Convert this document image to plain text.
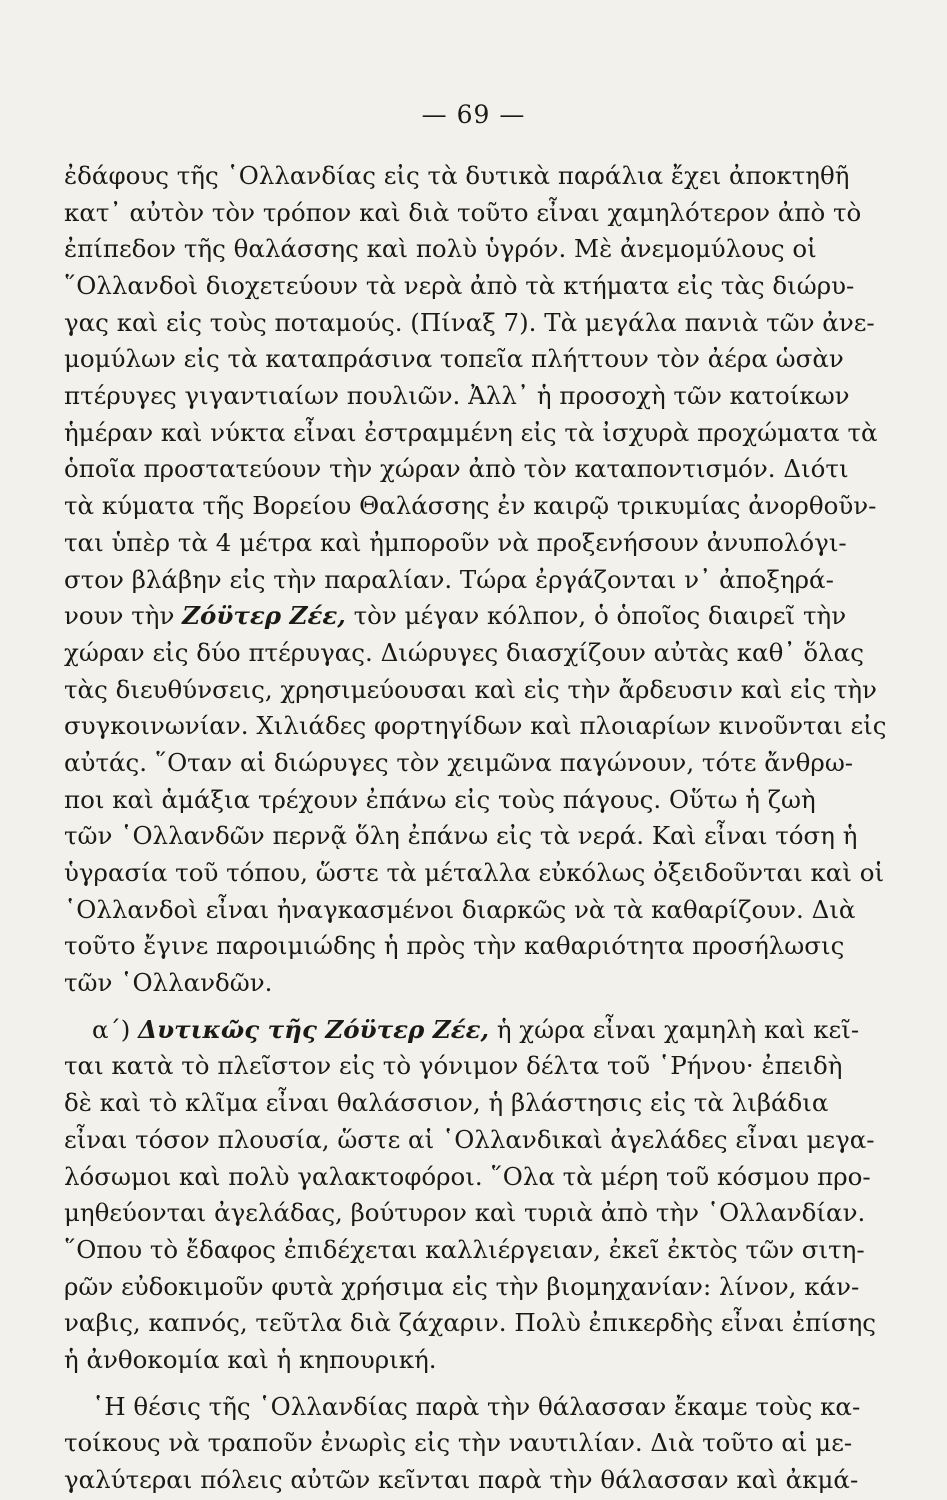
— 69 —
ἐδάφους τῆς ῾Ολλανδίας εἰς τὰ δυτικὰ παράλια ἔχει ἀποκτηθῆ
κατ᾽ αὐτὸν τὸν τρόπον καὶ διὰ τοῦτο εἶναι χαμηλότερον ἀπὸ τὸ
ἐπίπεδον τῆς θαλάσσης καὶ πολὺ ὑγρόν. Μὲ ἀνεμομύλους οἱ
῞Ολλανδοὶ διοχετεύουν τὰ νερὰ ἀπὸ τὰ κτήματα εἰς τὰς διώρυ-
γας καὶ εἰς τοὺς ποταμούς. (Πίναξ 7). Τὰ μεγάλα πανιὰ τῶν ἀνε-
μομύλων εἰς τὰ καταπράσινα τοπεῖα πλήττουν τὸν ἀέρα ὡσὰν
πτέρυγες γιγαντιαίων πουλιῶν. Ἀλλ᾽ ἡ προσοχὴ τῶν κατοίκων
ἡμέραν καὶ νύκτα εἶναι ἐστραμμένη εἰς τὰ ἰσχυρὰ προχώματα τὰ
ὁποῖα προστατεύουν τὴν χώραν ἀπὸ τὸν καταποντισμόν. Διότι
τὰ κύματα τῆς Βορείου Θαλάσσης ἐν καιρῷ τρικυμίας ἀνορθοῦν-
ται ὑπὲρ τὰ 4 μέτρα καὶ ἠμποροῦν νὰ προξενήσουν ἀνυπολόγι-
στον βλάβην εἰς τὴν παραλίαν. Τώρα ἐργάζονται ν᾽ ἀποξηρά-
νουν τὴν Ζόϋτερ Ζέε, τὸν μέγαν κόλπον, ὁ ὁποῖος διαιρεῖ τὴν
χώραν εἰς δύο πτέρυγας. Διώρυγες διασχίζουν αὐτὰς καθ᾽ ὅλας
τὰς διευθύνσεις, χρησιμεύουσαι καὶ εἰς τὴν ἄρδευσιν καὶ εἰς τὴν
συγκοινωνίαν. Χιλιάδες φορτηγίδων καὶ πλοιαρίων κινοῦνται εἰς
αὐτάς. ῞Οταν αἱ διώρυγες τὸν χειμῶνα παγώνουν, τότε ἄνθρω-
ποι καὶ ἁμάξια τρέχουν ἐπάνω εἰς τοὺς πάγους. Οὕτω ἡ ζωὴ
τῶν ῾Ολλανδῶν περνᾷ ὅλη ἐπάνω εἰς τὰ νερά. Καὶ εἶναι τόση ἡ
ὑγρασία τοῦ τόπου, ὥστε τὰ μέταλλα εὐκόλως ὀξειδοῦνται καὶ οἱ
῾Ολλανδοὶ εἶναι ἠναγκασμένοι διαρκῶς νὰ τὰ καθαρίζουν. Διὰ
τοῦτο ἔγινε παροιμιώδης ἡ πρὸς τὴν καθαριότητα προσήλωσις
τῶν ῾Ολλανδῶν.
α΄) Δυτικῶς τῆς Ζόϋτερ Ζέε, ἡ χώρα εἶναι χαμηλὴ καὶ κεῖ-
ται κατὰ τὸ πλεῖστον εἰς τὸ γόνιμον δέλτα τοῦ ῾Ρήνου· ἐπειδὴ
δὲ καὶ τὸ κλῖμα εἶναι θαλάσσιον, ἡ βλάστησις εἰς τὰ λιβάδια
εἶναι τόσον πλουσία, ὥστε αἱ ῾Ολλανδικαὶ ἀγελάδες εἶναι μεγα-
λόσωμοι καὶ πολὺ γαλακτοφόροι. ῞Ολα τὰ μέρη τοῦ κόσμου προ-
μηθεύονται ἀγελάδας, βούτυρον καὶ τυριὰ ἀπὸ τὴν ῾Ολλανδίαν.
῞Οπου τὸ ἔδαφος ἐπιδέχεται καλλιέργειαν, ἐκεῖ ἐκτὸς τῶν σιτη-
ρῶν εὐδοκιμοῦν φυτὰ χρήσιμα εἰς τὴν βιομηχανίαν: λίνον, κάν-
ναβις, καπνός, τεῦτλα διὰ ζάχαριν. Πολὺ ἐπικερδὴς εἶναι ἐπίσης
ἡ ἀνθοκομία καὶ ἡ κηπουρική.
῾Η θέσις τῆς ῾Ολλανδίας παρὰ τὴν θάλασσαν ἔκαμε τοὺς κα-
τοίκους νὰ τραποῦν ἐνωρὶς εἰς τὴν ναυτιλίαν. Διὰ τοῦτο αἱ με-
γαλύτεραι πόλεις αὐτῶν κεῖνται παρὰ τὴν θάλασσαν καὶ ἀκμά-
